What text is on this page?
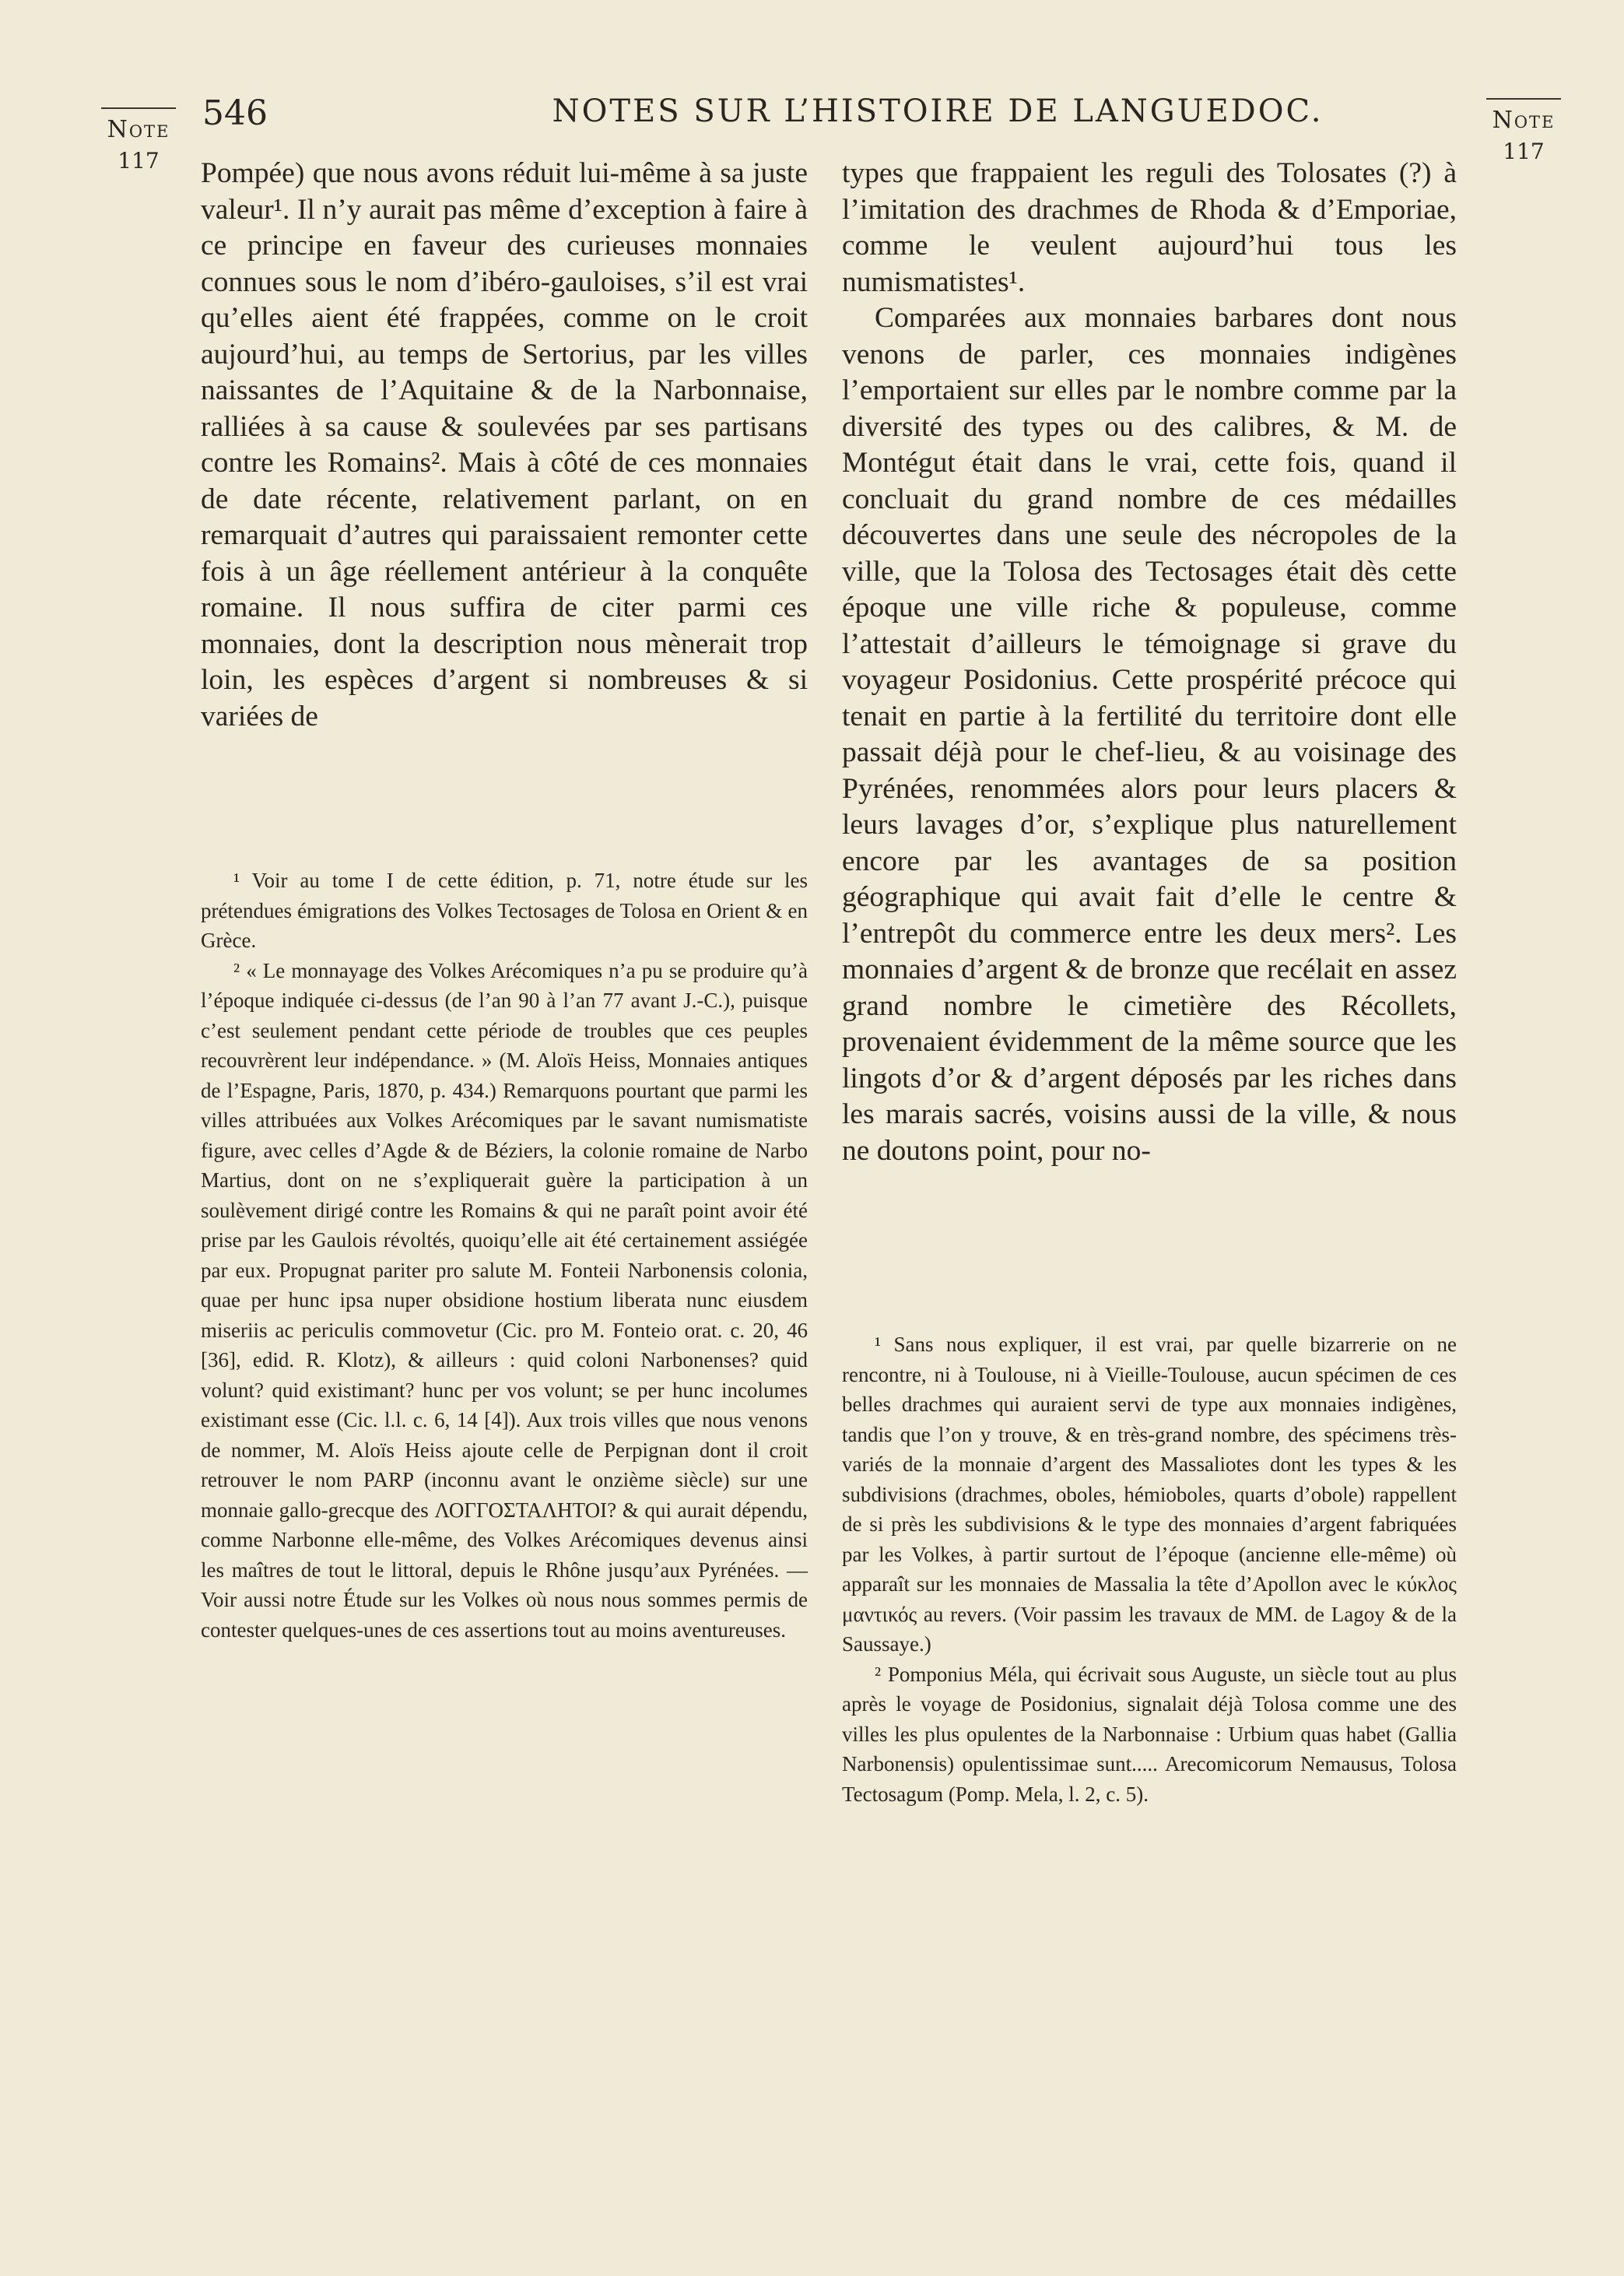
Note
117
Note
117
546	NOTES SUR L’HISTOIRE DE LANGUEDOC.

Pompée) que nous avons réduit lui-même à sa juste valeur¹. Il n’y aurait pas même d’exception à faire à ce principe en faveur des curieuses monnaies connues sous le nom d’ibéro-gauloises, s’il est vrai qu’elles aient été frappées, comme on le croit aujourd’hui, au temps de Sertorius, par les villes naissantes de l’Aquitaine & de la Narbonnaise, ralliées à sa cause & soulevées par ses partisans contre les Romains². Mais à côté de ces monnaies de date récente, relativement parlant, on en remarquait d’autres qui paraissaient remonter cette fois à un âge réellement antérieur à la conquête romaine. Il nous suffira de citer parmi ces monnaies, dont la description nous mènerait trop loin, les espèces d’argent si nombreuses & si variées de

¹ Voir au tome I de cette édition, p. 71, notre étude sur les prétendues émigrations des Volkes Tectosages de Tolosa en Orient & en Grèce.

² « Le monnayage des Volkes Arécomiques n’a pu se produire qu’à l’époque indiquée ci-dessus (de l’an 90 à l’an 77 avant J.-C.), puisque c’est seulement pendant cette période de troubles que ces peuples recouvrèrent leur indépendance. » (M. Aloïs Heiss, Monnaies antiques de l’Espagne, Paris, 1870, p. 434.) Remarquons pourtant que parmi les villes attribuées aux Volkes Arécomiques par le savant numismatiste figure, avec celles d’Agde & de Béziers, la colonie romaine de Narbo Martius, dont on ne s’expliquerait guère la participation à un soulèvement dirigé contre les Romains & qui ne paraît point avoir été prise par les Gaulois révoltés, quoiqu’elle ait été certainement assiégée par eux. Propugnat pariter pro salute M. Fonteii Narbonensis colonia, quae per hunc ipsa nuper obsidione hostium liberata nunc eiusdem miseriis ac periculis commovetur (Cic. pro M. Fonteio orat. c. 20, 46 [36], edid. R. Klotz), & ailleurs : quid coloni Narbonenses? quid volunt? quid existimant? hunc per vos volunt; se per hunc incolumes existimant esse (Cic. l.l. c. 6, 14 [4]). Aux trois villes que nous venons de nommer, M. Aloïs Heiss ajoute celle de Perpignan dont il croit retrouver le nom PARP (inconnu avant le onzième siècle) sur une monnaie gallo-grecque des ΛΟΓΓΟΣΤΑΛΗΤΟΙ? & qui aurait dépendu, comme Narbonne elle-même, des Volkes Arécomiques devenus ainsi les maîtres de tout le littoral, depuis le Rhône jusqu’aux Pyrénées. — Voir aussi notre Étude sur les Volkes où nous nous sommes permis de contester quelques-unes de ces assertions tout au moins aventureuses.

types que frappaient les reguli des Tolosates (?) à l’imitation des drachmes de Rhoda & d’Emporiae, comme le veulent aujourd’hui tous les numismatistes¹.

Comparées aux monnaies barbares dont nous venons de parler, ces monnaies indigènes l’emportaient sur elles par le nombre comme par la diversité des types ou des calibres, & M. de Montégut était dans le vrai, cette fois, quand il concluait du grand nombre de ces médailles découvertes dans une seule des nécropoles de la ville, que la Tolosa des Tectosages était dès cette époque une ville riche & populeuse, comme l’attestait d’ailleurs le témoignage si grave du voyageur Posidonius. Cette prospérité précoce qui tenait en partie à la fertilité du territoire dont elle passait déjà pour le chef-lieu, & au voisinage des Pyrénées, renommées alors pour leurs placers & leurs lavages d’or, s’explique plus naturellement encore par les avantages de sa position géographique qui avait fait d’elle le centre & l’entrepôt du commerce entre les deux mers². Les monnaies d’argent & de bronze que recélait en assez grand nombre le cimetière des Récollets, provenaient évidemment de la même source que les lingots d’or & d’argent déposés par les riches dans les marais sacrés, voisins aussi de la ville, & nous ne doutons point, pour no-

¹ Sans nous expliquer, il est vrai, par quelle bizarrerie on ne rencontre, ni à Toulouse, ni à Vieille-Toulouse, aucun spécimen de ces belles drachmes qui auraient servi de type aux monnaies indigènes, tandis que l’on y trouve, & en très-grand nombre, des spécimens très-variés de la monnaie d’argent des Massaliotes dont les types & les subdivisions (drachmes, oboles, hémioboles, quarts d’obole) rappellent de si près les subdivisions & le type des monnaies d’argent fabriquées par les Volkes, à partir surtout de l’époque (ancienne elle-même) où apparaît sur les monnaies de Massalia la tête d’Apollon avec le κύκλος μαντικός au revers. (Voir passim les travaux de MM. de Lagoy & de la Saussaye.)

² Pomponius Méla, qui écrivait sous Auguste, un siècle tout au plus après le voyage de Posidonius, signalait déjà Tolosa comme une des villes les plus opulentes de la Narbonnaise : Urbium quas habet (Gallia Narbonensis) opulentissimae sunt..... Arecomicorum Nemausus, Tolosa Tectosagum (Pomp. Mela, l. 2, c. 5).
